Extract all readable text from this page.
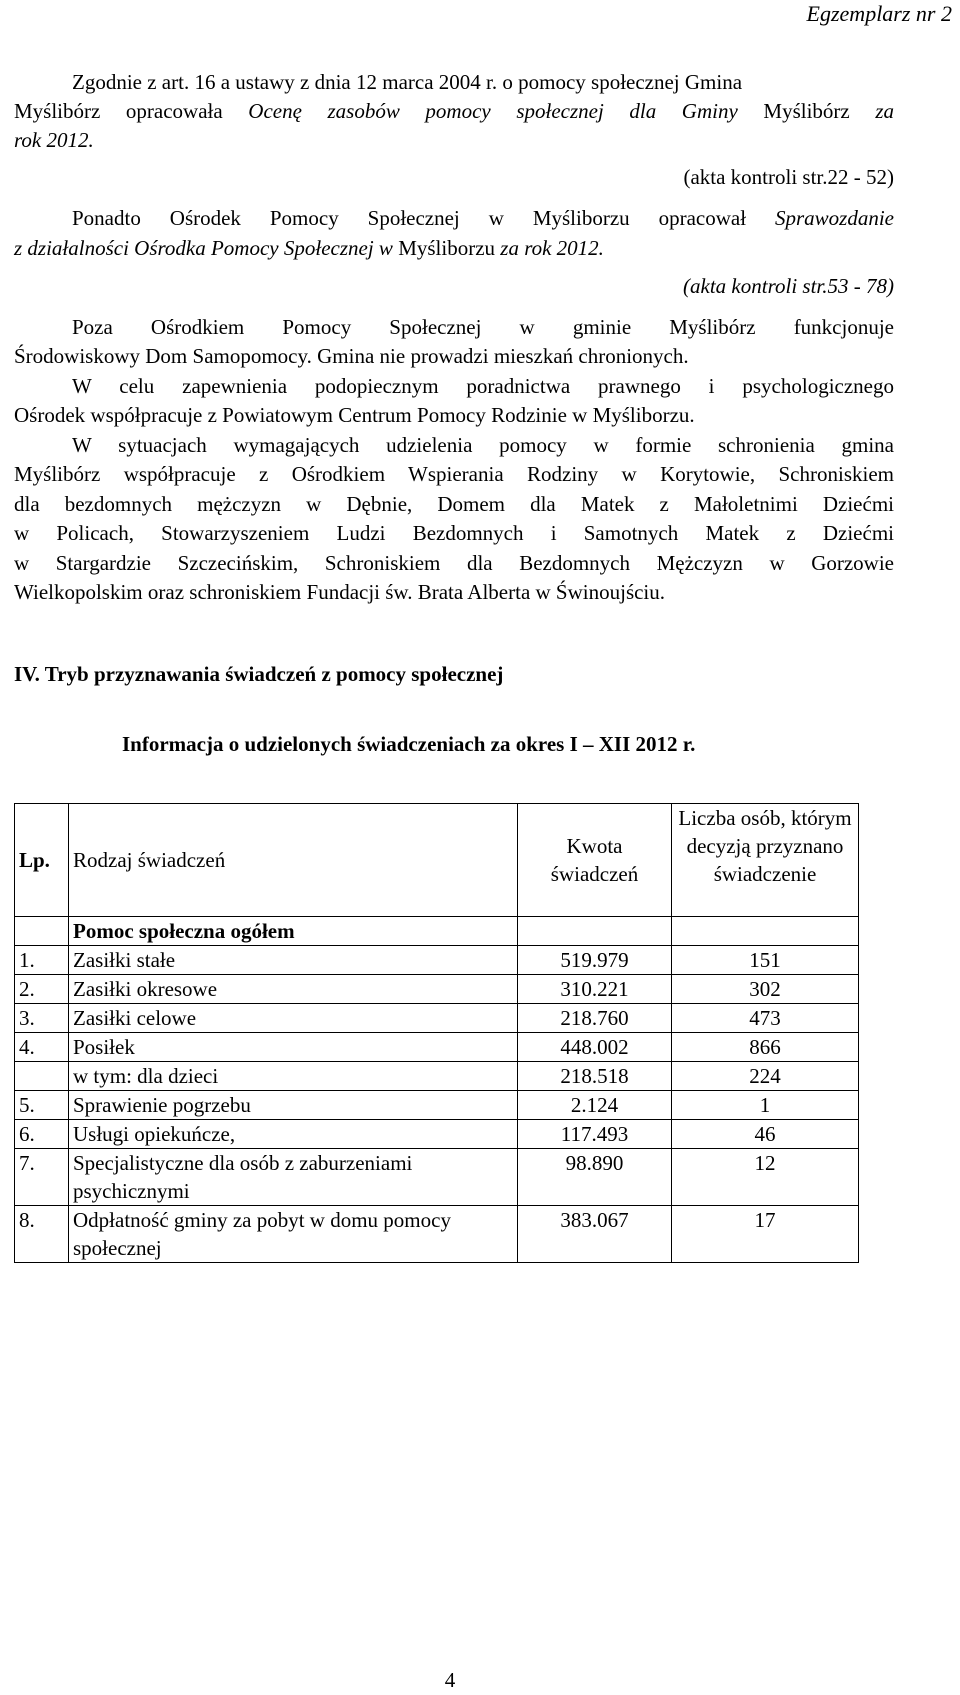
Egzemplarz nr 2
Zgodnie z art. 16 a ustawy z dnia 12 marca 2004 r. o pomocy społecznej Gmina
Myślibórz opracowała Ocenę zasobów pomocy społecznej dla Gminy Myślibórz za
rok 2012.
(akta kontroli str.22 - 52)
Ponadto Ośrodek Pomocy Społecznej w Myśliborzu opracował Sprawozdanie
z działalności Ośrodka Pomocy Społecznej w Myśliborzu za rok 2012.
(akta kontroli str.53 - 78)
Poza Ośrodkiem Pomocy Społecznej w gminie Myślibórz funkcjonuje
Środowiskowy Dom Samopomocy. Gmina nie prowadzi mieszkań chronionych.
W celu zapewnienia podopiecznym poradnictwa prawnego i psychologicznego
Ośrodek współpracuje z Powiatowym Centrum Pomocy Rodzinie w Myśliborzu.
W sytuacjach wymagających udzielenia pomocy w formie schronienia gmina
Myślibórz współpracuje z Ośrodkiem Wspierania Rodziny w Korytowie, Schroniskiem
dla bezdomnych mężczyzn w Dębnie, Domem dla Matek z Małoletnimi Dziećmi
w Policach, Stowarzyszeniem Ludzi Bezdomnych i Samotnych Matek z Dziećmi
w Stargardzie Szczecińskim, Schroniskiem dla Bezdomnych Mężczyzn w Gorzowie
Wielkopolskim oraz schroniskiem Fundacji św. Brata Alberta w Świnoujściu.
IV. Tryb przyznawania świadczeń z pomocy społecznej
Informacja o udzielonych świadczeniach za okres I – XII 2012 r.
Lp.	Rodzaj świadczeń	Kwota świadczeń	Liczba osób, którym decyzją przyznano świadczenie
	Pomoc społeczna ogółem		
1.	Zasiłki stałe	519.979	151
2.	Zasiłki okresowe	310.221	302
3.	Zasiłki celowe	218.760	473
4.	Posiłek	448.002	866
	w tym: dla dzieci	218.518	224
5.	Sprawienie pogrzebu	2.124	1
6.	Usługi opiekuńcze,	117.493	46
7.	Specjalistyczne dla osób z zaburzeniami psychicznymi	98.890	12
8.	Odpłatność gminy za pobyt w domu pomocy społecznej	383.067	17
4
